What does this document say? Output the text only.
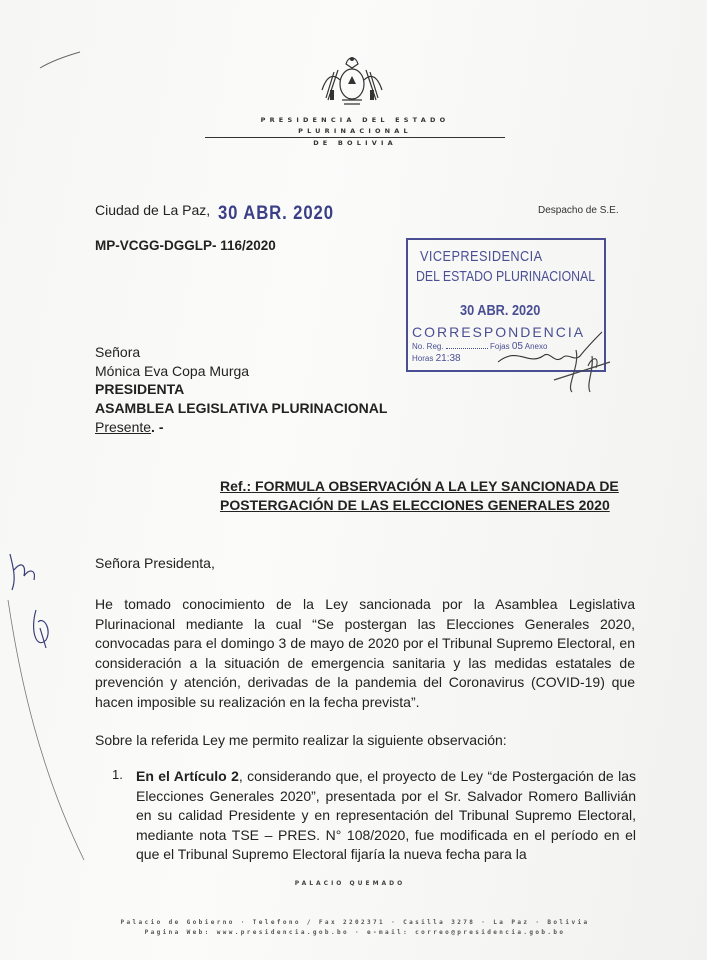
PRESIDENCIA DEL ESTADO PLURINACIONAL
DE BOLIVIA
Ciudad de La Paz, 30 ABR. 2020	Despacho de S.E.
MP-VCGG-DGGLP- 116/2020
VICEPRESIDENCIA
DEL ESTADO PLURINACIONAL
30 ABR. 2020
CORRESPONDENCIA
No. Reg.	Fojas 05 Anexo
Horas 21:38
Señora
Mónica Eva Copa Murga
PRESIDENTA
ASAMBLEA LEGISLATIVA PLURINACIONAL
Presente. -
Ref.: FORMULA OBSERVACIÓN A LA LEY SANCIONADA DE POSTERGACIÓN DE LAS ELECCIONES GENERALES 2020
Señora Presidenta,
He tomado conocimiento de la Ley sancionada por la Asamblea Legislativa Plurinacional mediante la cual “Se postergan las Elecciones Generales 2020, convocadas para el domingo 3 de mayo de 2020 por el Tribunal Supremo Electoral, en consideración a la situación de emergencia sanitaria y las medidas estatales de prevención y atención, derivadas de la pandemia del Coronavirus (COVID-19) que hacen imposible su realización en la fecha prevista”.
Sobre la referida Ley me permito realizar la siguiente observación:
1. En el Artículo 2, considerando que, el proyecto de Ley “de Postergación de las Elecciones Generales 2020”, presentada por el Sr. Salvador Romero Ballivián en su calidad Presidente y en representación del Tribunal Supremo Electoral, mediante nota TSE – PRES. N° 108/2020, fue modificada en el período en el que el Tribunal Supremo Electoral fijaría la nueva fecha para la
PALACIO QUEMADO
Palacio de Gobierno · Telefono / Fax 2202371 · Casilla 3278 · La Paz · Bolivia
Pagina Web: www.presidencia.gob.bo · e-mail: correo@presidencia.gob.bo
